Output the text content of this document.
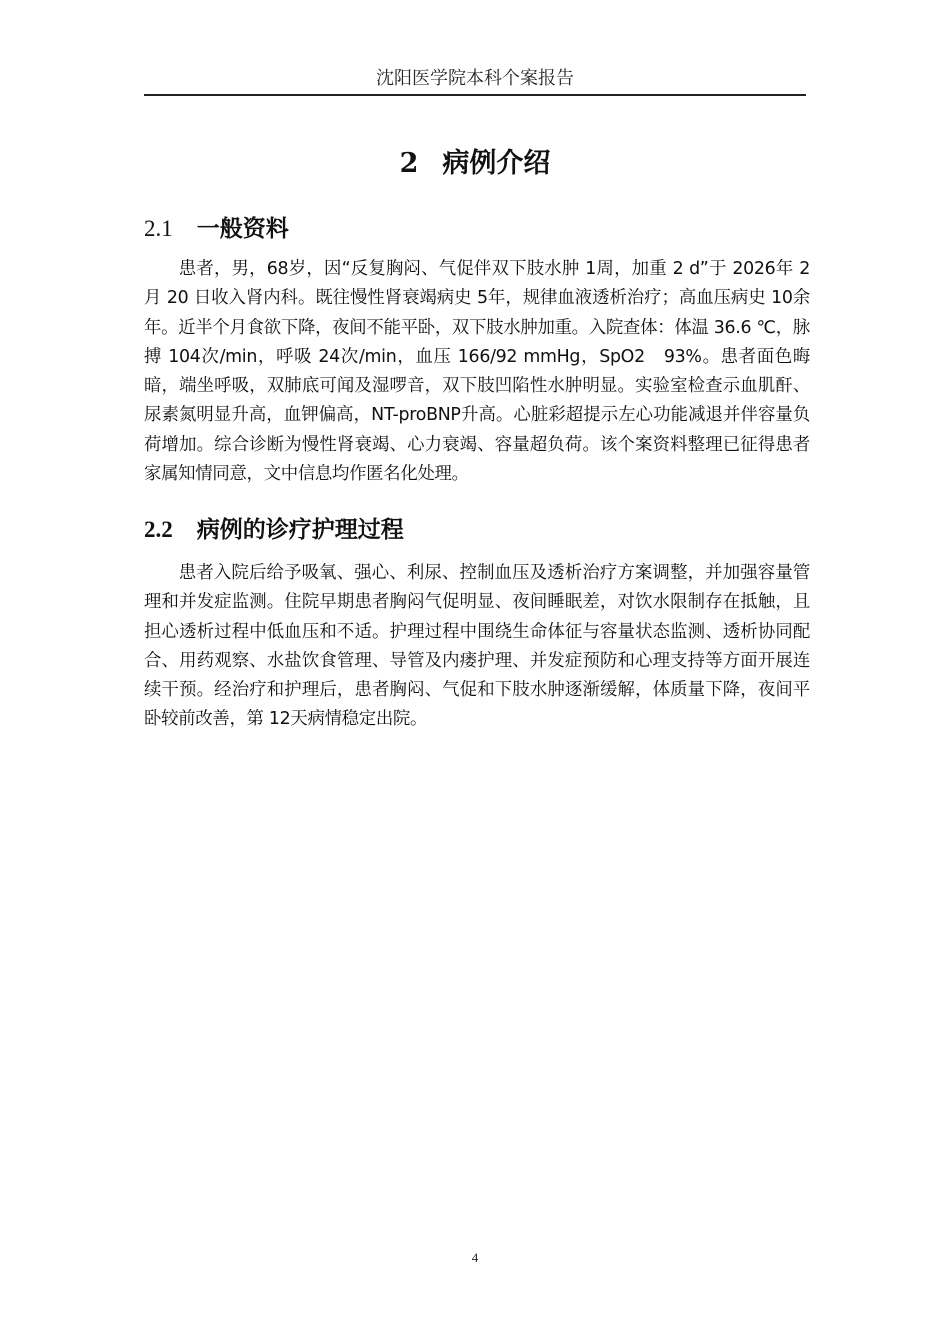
沈阳医学院本科个案报告
2 病例介绍
2.1 一般资料

患者，男，68岁，因“反复胸闷、气促伴双下肢水肿 1周，加重 2 d”于 2026年 2 月 20 日收入肾内科。既往慢性肾衰竭病史 5年，规律血液透析治疗；高血压病史 10余年。近半个月食欲下降，夜间不能平卧，双下肢水肿加重。入院查体：体温 36.6 ℃，脉搏 104次/min，呼吸 24次/min，血压 166/92 mmHg，SpO2　93%。患者面色晦暗，端坐呼吸，双肺底可闻及湿啰音，双下肢凹陷性水肿明显。实验室检查示血肌酐、尿素氮明显升高，血钾偏高，NT-proBNP升高。心脏彩超提示左心功能减退并伴容量负荷增加。综合诊断为慢性肾衰竭、心力衰竭、容量超负荷。该个案资料整理已征得患者家属知情同意，文中信息均作匿名化处理。

2.2 病例的诊疗护理过程

患者入院后给予吸氧、强心、利尿、控制血压及透析治疗方案调整，并加强容量管理和并发症监测。住院早期患者胸闷气促明显、夜间睡眠差，对饮水限制存在抵触，且担心透析过程中低血压和不适。护理过程中围绕生命体征与容量状态监测、透析协同配合、用药观察、水盐饮食管理、导管及内瘘护理、并发症预防和心理支持等方面开展连续干预。经治疗和护理后，患者胸闷、气促和下肢水肿逐渐缓解，体质量下降，夜间平卧较前改善，第 12天病情稳定出院。

4
